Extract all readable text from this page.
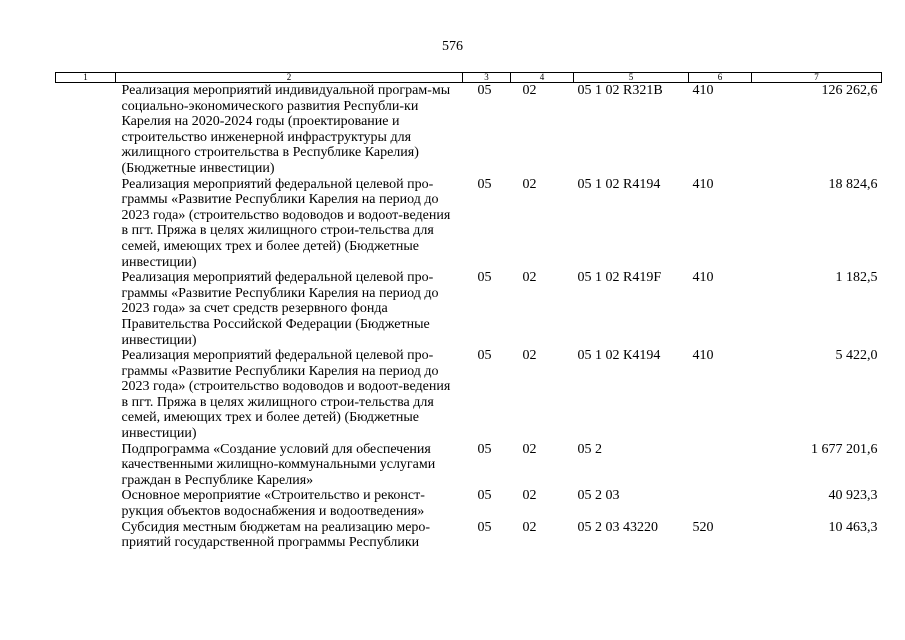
576
1	2	3	4	5	6	7
	Реализация мероприятий индивидуальной програм-мы социально-экономического развития Республи-ки Карелия на 2020-2024 годы (проектирование и строительство инженерной инфраструктуры для жилищного строительства в Республике Карелия) (Бюджетные инвестиции)	05	02	05 1 02 R321В	410	126 262,6
	Реализация мероприятий федеральной целевой про-граммы «Развитие Республики Карелия на период до 2023 года» (строительство водоводов и водоот-ведения в пгт. Пряжа в целях жилищного строи-тельства для семей, имеющих трех и более детей) (Бюджетные инвестиции)	05	02	05 1 02 R4194	410	18 824,6
	Реализация мероприятий федеральной целевой про-граммы «Развитие Республики Карелия на период до 2023 года» за счет средств резервного фонда Правительства Российской Федерации (Бюджетные инвестиции)	05	02	05 1 02 R419F	410	1 182,5
	Реализация мероприятий федеральной целевой про-граммы «Развитие Республики Карелия на период до 2023 года» (строительство водоводов и водоот-ведения в пгт. Пряжа в целях жилищного строи-тельства для семей, имеющих трех и более детей) (Бюджетные инвестиции)	05	02	05 1 02 К4194	410	5 422,0
	Подпрограмма «Создание условий для обеспечения качественными жилищно-коммунальными услугами граждан в Республике Карелия»	05	02	05 2		1 677 201,6
	Основное мероприятие «Строительство и реконст-рукция объектов водоснабжения и водоотведения»	05	02	05 2 03		40 923,3
	Субсидия местным бюджетам на реализацию меро-приятий государственной программы Республики	05	02	05 2 03 43220	520	10 463,3
